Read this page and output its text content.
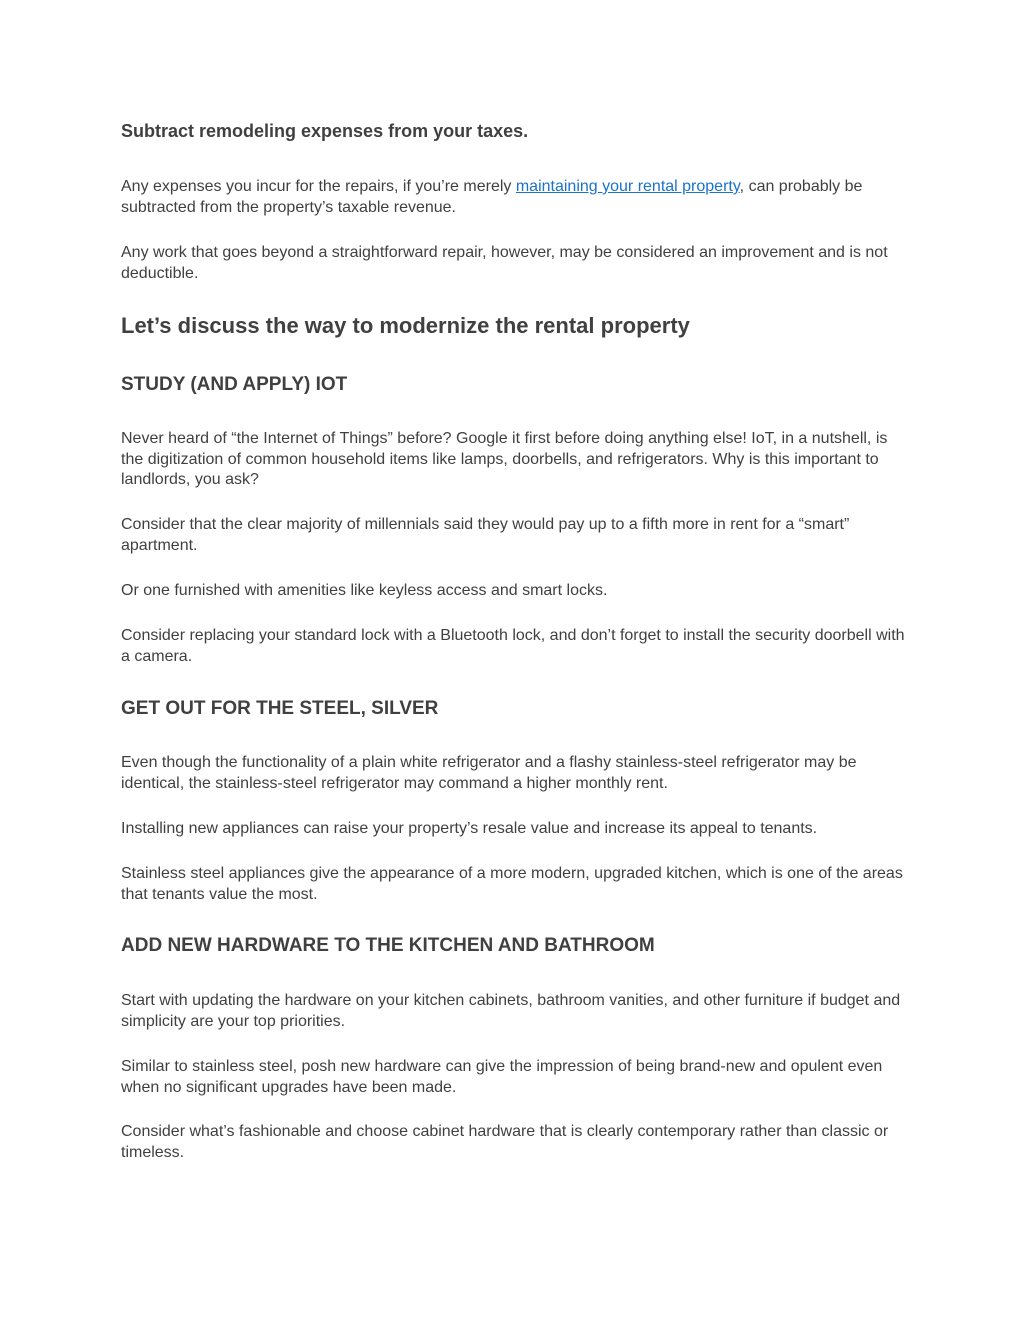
Subtract remodeling expenses from your taxes.

Any expenses you incur for the repairs, if you’re merely maintaining your rental property, can probably be subtracted from the property’s taxable revenue.

Any work that goes beyond a straightforward repair, however, may be considered an improvement and is not deductible.

Let’s discuss the way to modernize the rental property
STUDY (AND APPLY) IOT

Never heard of “the Internet of Things” before? Google it first before doing anything else! IoT, in a nutshell, is the digitization of common household items like lamps, doorbells, and refrigerators. Why is this important to landlords, you ask?

Consider that the clear majority of millennials said they would pay up to a fifth more in rent for a “smart” apartment.

Or one furnished with amenities like keyless access and smart locks.

Consider replacing your standard lock with a Bluetooth lock, and don’t forget to install the security doorbell with a camera.

GET OUT FOR THE STEEL, SILVER

Even though the functionality of a plain white refrigerator and a flashy stainless-steel refrigerator may be identical, the stainless-steel refrigerator may command a higher monthly rent.

Installing new appliances can raise your property’s resale value and increase its appeal to tenants.

Stainless steel appliances give the appearance of a more modern, upgraded kitchen, which is one of the areas that tenants value the most.

ADD NEW HARDWARE TO THE KITCHEN AND BATHROOM

Start with updating the hardware on your kitchen cabinets, bathroom vanities, and other furniture if budget and simplicity are your top priorities.

Similar to stainless steel, posh new hardware can give the impression of being brand-new and opulent even when no significant upgrades have been made.

Consider what’s fashionable and choose cabinet hardware that is clearly contemporary rather than classic or timeless.
